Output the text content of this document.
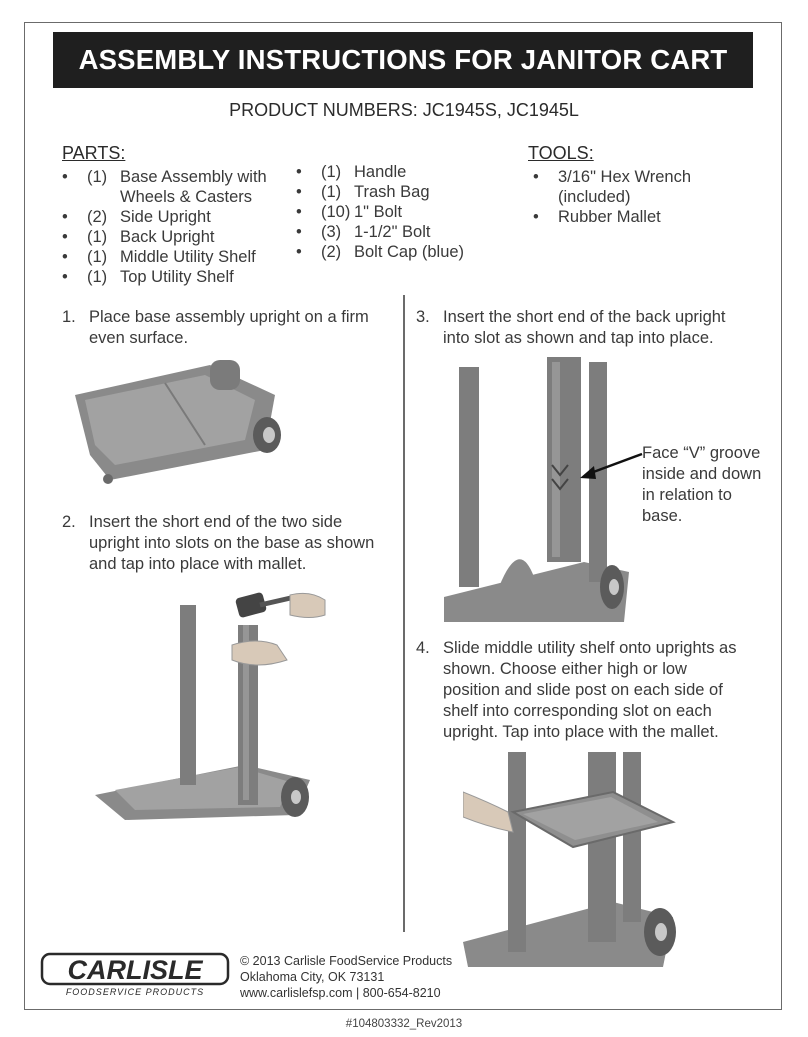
ASSEMBLY INSTRUCTIONS FOR JANITOR CART
PRODUCT NUMBERS: JC1945S, JC1945L
PARTS:
• (1) Base Assembly with
Wheels & Casters
• (2) Side Upright
• (1) Back Upright
• (1) Middle Utility Shelf
• (1) Top Utility Shelf
• (1) Handle
• (1) Trash Bag
• (10) 1" Bolt
• (3) 1-1/2" Bolt
• (2) Bolt Cap (blue)
TOOLS:
• 3/16" Hex Wrench
(included)
• Rubber Mallet
1. Place base assembly upright on a firm even surface.
2. Insert the short end of the two side upright into slots on the base as shown and tap into place with mallet.
3. Insert the short end of the back upright into slot as shown and tap into place.
4. Slide middle utility shelf onto uprights as shown. Choose either high or low position and slide post on each side of shelf into corresponding slot on each upright. Tap into place with the mallet.
Face “V” groove inside and down in relation to base.
CARLISLE
FOODSERVICE PRODUCTS
© 2013 Carlisle FoodService Products
Oklahoma City, OK 73131
www.carlislefsp.com | 800-654-8210
#104803332_Rev2013
